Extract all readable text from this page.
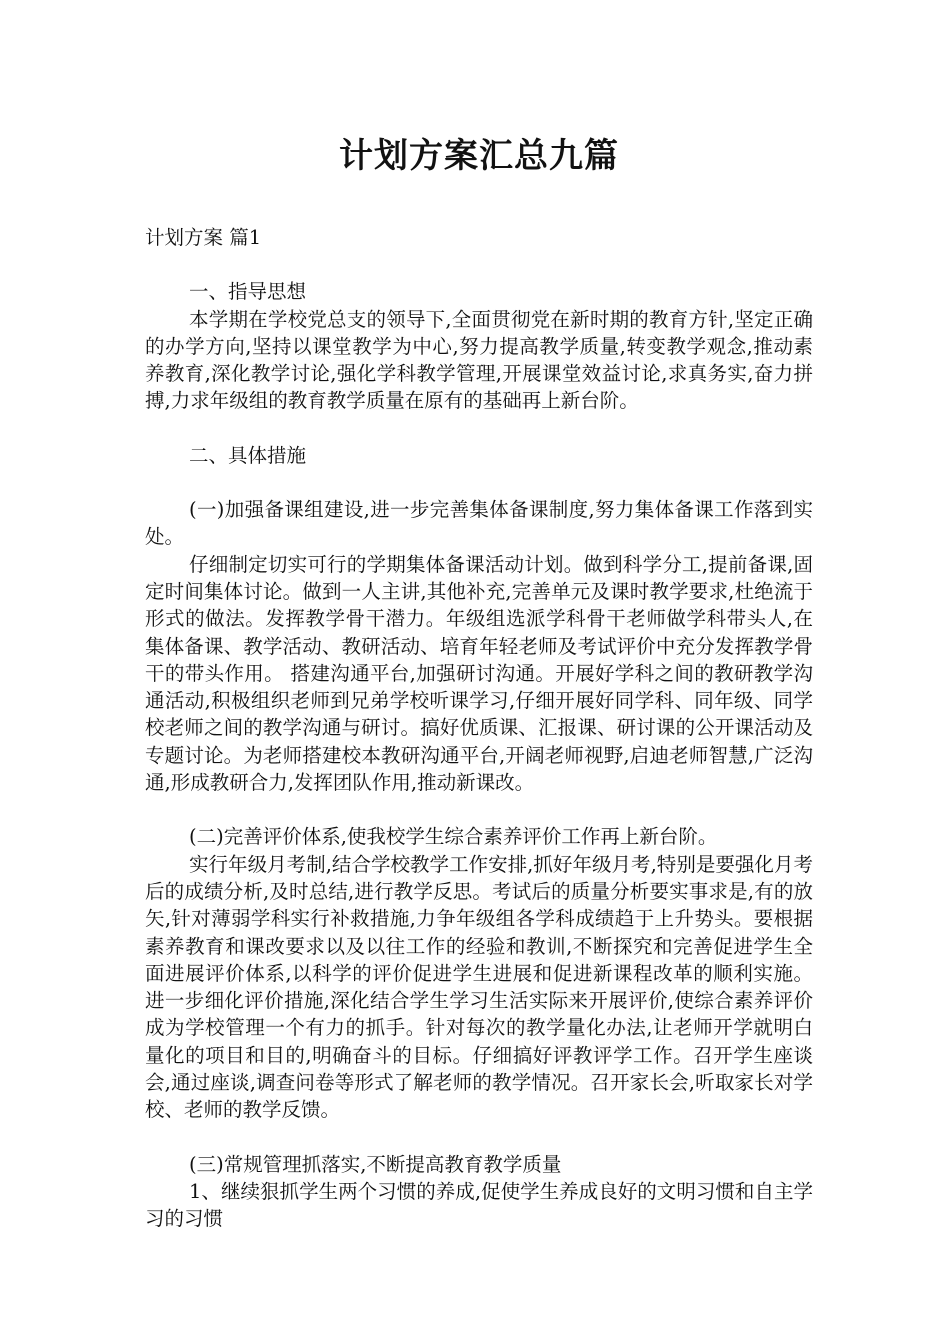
计划方案汇总九篇

计划方案 篇1

一、指导思想

本学期在学校党总支的领导下,全面贯彻党在新时期的教育方针,坚定正确的办学方向,坚持以课堂教学为中心,努力提高教学质量,转变教学观念,推动素养教育,深化教学讨论,强化学科教学管理,开展课堂效益讨论,求真务实,奋力拼搏,力求年级组的教育教学质量在原有的基础再上新台阶。

二、具体措施

(一)加强备课组建设,进一步完善集体备课制度,努力集体备课工作落到实处。

仔细制定切实可行的学期集体备课活动计划。做到科学分工,提前备课,固定时间集体讨论。做到一人主讲,其他补充,完善单元及课时教学要求,杜绝流于形式的做法。发挥教学骨干潜力。年级组选派学科骨干老师做学科带头人,在集体备课、教学活动、教研活动、培育年轻老师及考试评价中充分发挥教学骨干的带头作用。 搭建沟通平台,加强研讨沟通。开展好学科之间的教研教学沟通活动,积极组织老师到兄弟学校听课学习,仔细开展好同学科、同年级、同学校老师之间的教学沟通与研讨。搞好优质课、汇报课、研讨课的公开课活动及专题讨论。为老师搭建校本教研沟通平台,开阔老师视野,启迪老师智慧,广泛沟通,形成教研合力,发挥团队作用,推动新课改。

(二)完善评价体系,使我校学生综合素养评价工作再上新台阶。

实行年级月考制,结合学校教学工作安排,抓好年级月考,特别是要强化月考后的成绩分析,及时总结,进行教学反思。考试后的质量分析要实事求是,有的放矢,针对薄弱学科实行补救措施,力争年级组各学科成绩趋于上升势头。要根据素养教育和课改要求以及以往工作的经验和教训,不断探究和完善促进学生全面进展评价体系,以科学的评价促进学生进展和促进新课程改革的顺利实施。进一步细化评价措施,深化结合学生学习生活实际来开展评价,使综合素养评价成为学校管理一个有力的抓手。针对每次的教学量化办法,让老师开学就明白量化的项目和目的,明确奋斗的目标。仔细搞好评教评学工作。召开学生座谈会,通过座谈,调查问卷等形式了解老师的教学情况。召开家长会,听取家长对学校、老师的教学反馈。

(三)常规管理抓落实,不断提高教育教学质量

1、继续狠抓学生两个习惯的养成,促使学生养成良好的文明习惯和自主学习的习惯
